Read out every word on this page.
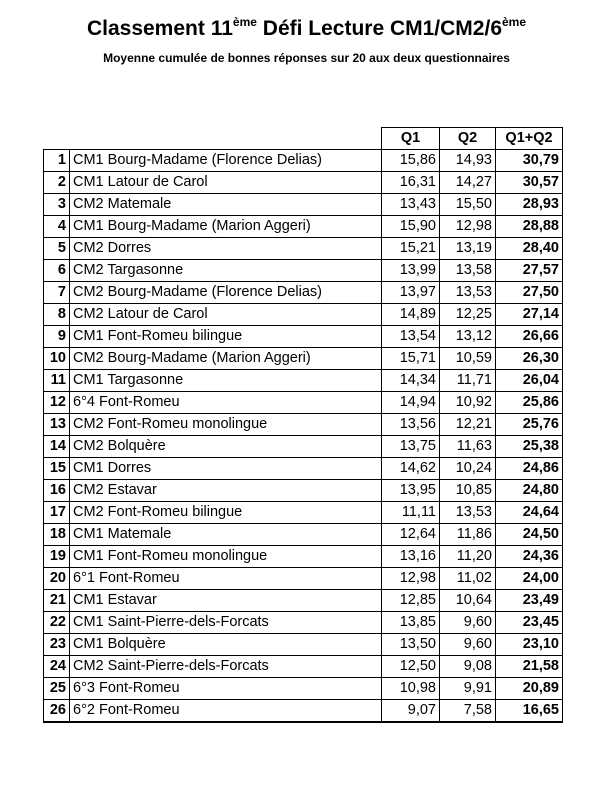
Classement 11ème Défi Lecture CM1/CM2/6ème
Moyenne cumulée de bonnes réponses sur 20 aux deux questionnaires
		Q1	Q2	Q1+Q2
1	CM1 Bourg-Madame (Florence Delias)	15,86	14,93	30,79
2	CM1 Latour de Carol	16,31	14,27	30,57
3	CM2 Matemale	13,43	15,50	28,93
4	CM1 Bourg-Madame (Marion Aggeri)	15,90	12,98	28,88
5	CM2 Dorres	15,21	13,19	28,40
6	CM2 Targasonne	13,99	13,58	27,57
7	CM2 Bourg-Madame (Florence Delias)	13,97	13,53	27,50
8	CM2 Latour de Carol	14,89	12,25	27,14
9	CM1 Font-Romeu bilingue	13,54	13,12	26,66
10	CM2 Bourg-Madame (Marion Aggeri)	15,71	10,59	26,30
11	CM1 Targasonne	14,34	11,71	26,04
12	6°4 Font-Romeu	14,94	10,92	25,86
13	CM2 Font-Romeu monolingue	13,56	12,21	25,76
14	CM2 Bolquère	13,75	11,63	25,38
15	CM1 Dorres	14,62	10,24	24,86
16	CM2 Estavar	13,95	10,85	24,80
17	CM2 Font-Romeu bilingue	11,11	13,53	24,64
18	CM1 Matemale	12,64	11,86	24,50
19	CM1 Font-Romeu monolingue	13,16	11,20	24,36
20	6°1 Font-Romeu	12,98	11,02	24,00
21	CM1 Estavar	12,85	10,64	23,49
22	CM1 Saint-Pierre-dels-Forcats	13,85	9,60	23,45
23	CM1 Bolquère	13,50	9,60	23,10
24	CM2 Saint-Pierre-dels-Forcats	12,50	9,08	21,58
25	6°3 Font-Romeu	10,98	9,91	20,89
26	6°2 Font-Romeu	9,07	7,58	16,65
